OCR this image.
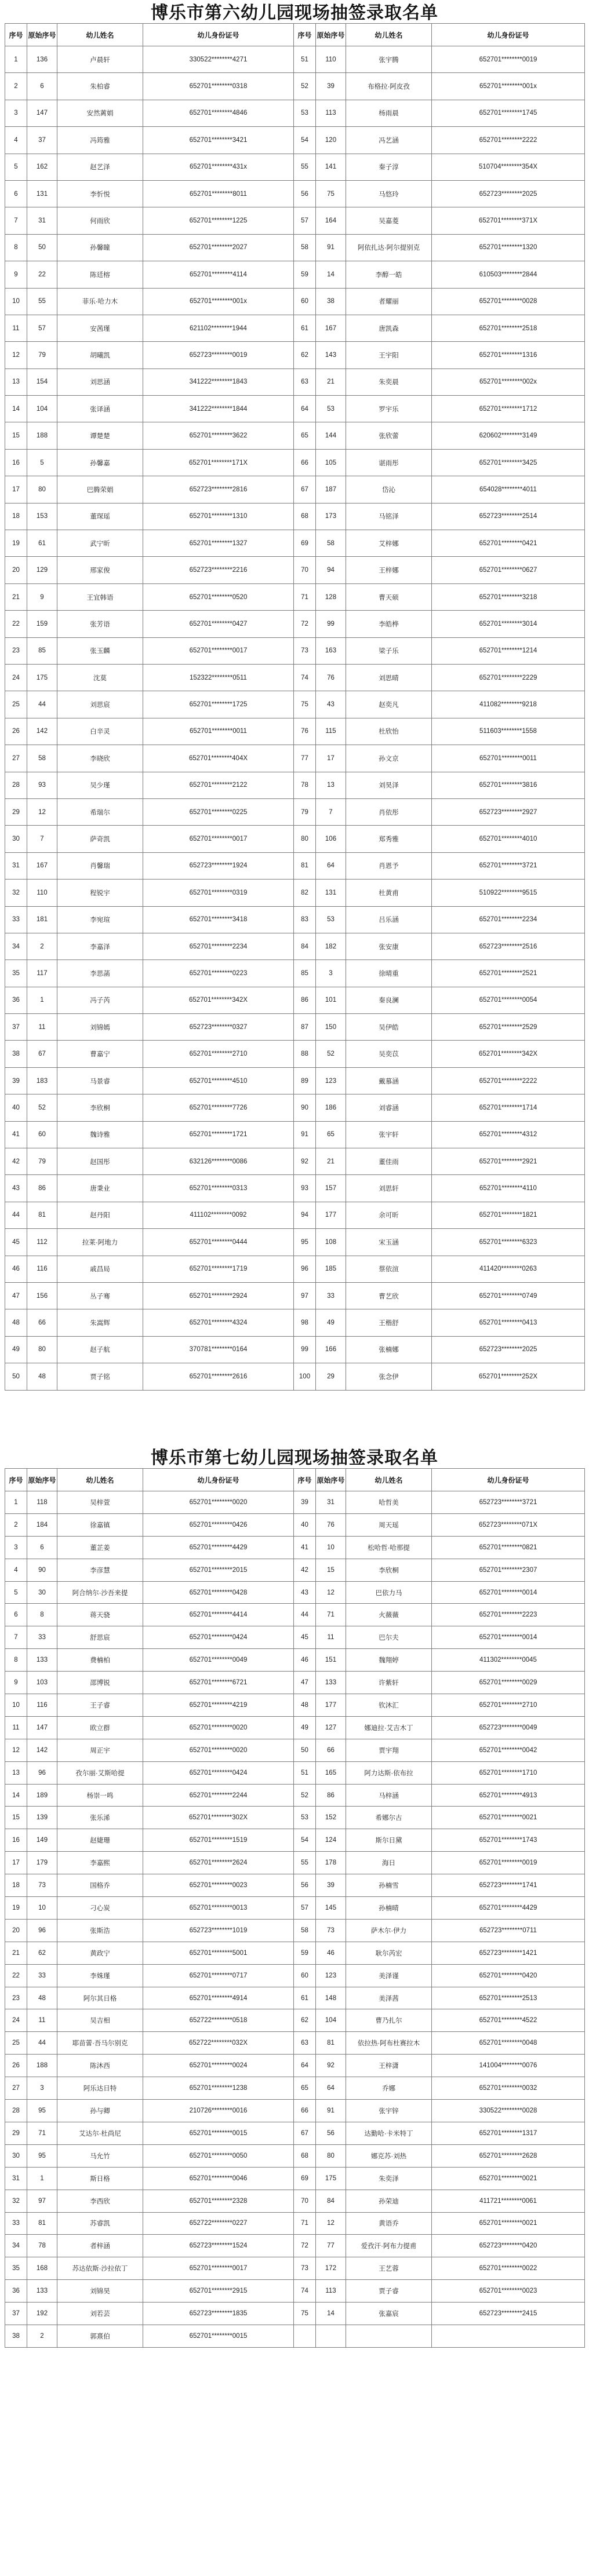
博乐市第六幼儿园现场抽签录取名单
序号	原始序号	幼儿姓名	幼儿身份证号	序号	原始序号	幼儿姓名	幼儿身份证号
1	136	卢晨轩	330522********4271	51	110	张宇腾	652701********0019
2	6	朱柏睿	652701********0318	52	39	布格拉·阿皮孜	652701********001x
3	147	安然蓠娟	652701********4846	53	113	杨雨晨	652701********1745
4	37	冯筠雅	652701********3421	54	120	冯艺涵	652701********2222
5	162	赵艺泽	652701********431x	55	141	秦子淳	510704********354X
6	131	李忻悦	652701********8011	56	75	马悠玲	652723********2025
7	31	何雨欣	652701********1225	57	164	吴嘉菱	652701********371X
8	50	孙馨瞳	652701********2027	58	91	阿依扎达·阿尔提别克	652701********1320
9	22	陈廷榕	652701********4114	59	14	李醇一皓	610503********2844
10	55	菲乐·哈力木	652701********001x	60	38	者耀丽	652701********0028
11	57	安茜瑾	621102********1944	61	167	唐凯森	652701********2518
12	79	胡曦凯	652723********0019	62	143	王宇阳	652701********1316
13	154	刘思涵	341222********1843	63	21	朱奕晨	652701********002x
14	104	张译涵	341222********1844	64	53	罗宇乐	652701********1712
15	188	谭楚楚	652701********3622	65	144	张欣蕾	620602********3149
16	5	孙馨嘉	652701********171X	66	105	谌雨彤	652701********3425
17	80	巴腾荣娟	652723********2816	67	187	岱沁	654028********4011
18	153	董琛瑶	652701********1310	68	173	马铭泽	652723********2514
19	61	武宁昕	652701********1327	69	58	艾梓娜	652701********0421
20	129	邢家俊	652723********2216	70	94	王梓娜	652701********0627
21	9	王宜韩语	652701********0520	71	128	曹天硕	652701********3218
22	159	张芳语	652701********0427	72	99	李皓桦	652701********3014
23	85	张玉麟	652701********0017	73	163	梁子乐	652701********1214
24	175	沈莫	152322********0511	74	76	刘思晴	652701********2229
25	44	刘思宸	652701********1725	75	43	赵奕凡	411082********9218
26	142	白辛灵	652701********0011	76	115	杜欣怡	511603********1558
27	58	李晓欣	652701********404X	77	17	孙文京	652701********0011
28	93	吴少瑾	652701********2122	78	13	刘昊泽	652701********3816
29	12	希瑞尔	652701********0225	79	7	肖依彤	652723********2927
30	7	萨奇凯	652701********0017	80	106	郑秀雅	652701********4010
31	167	肖馨瑞	652723********1924	81	64	肖恩予	652701********3721
32	110	程锐宇	652701********0319	82	131	杜黄甫	510922********9515
33	181	李宛瑄	652701********3418	83	53	吕乐涵	652701********2234
34	2	李嘉泽	652701********2234	84	182	张安康	652723********2516
35	117	李思菡	652701********0223	85	3	徐晴重	652701********2521
36	1	冯子芮	652701********342X	86	101	秦良澜	652701********0054
37	11	刘锦嫣	652723********0327	87	150	吴伊皓	652701********2529
38	67	曹嘉宁	652701********2710	88	52	吴奕苡	652701********342X
39	183	马景睿	652701********4510	89	123	戴慕涵	652701********2222
40	52	李欣桐	652701********7726	90	186	刘睿涵	652701********1714
41	60	魏诗雅	652701********1721	91	65	张宇轩	652701********4312
42	79	赵国彤	632126********0086	92	21	董佳雨	652701********2921
43	86	唐秉业	652701********0313	93	157	刘思轩	652701********4110
44	81	赵丹阳	411102********0092	94	177	余可昕	652701********1821
45	112	拉莱·阿地力	652701********0444	95	108	宋玉涵	652701********6323
46	116	戚昌局	652701********1719	96	185	蔡依渲	411420********0263
47	156	丛子骞	652701********2924	97	33	曹艺欣	652701********0749
48	66	朱嵩辉	652701********4324	98	49	王楷舒	652701********0413
49	80	赵子航	370781********0164	99	166	张楠娜	652723********2025
50	48	贾子铭	652701********2616	100	29	张念伊	652701********252X
博乐市第七幼儿园现场抽签录取名单
序号	原始序号	幼儿姓名	幼儿身份证号	序号	原始序号	幼儿姓名	幼儿身份证号
1	118	吴梓萱	652701********0020	39	31	哈哲美	652723********3721
2	184	徐嘉镇	652701********0426	40	76	周天瑶	652723********071X
3	6	董芷姜	652701********4429	41	10	松哈哲·哈那提	652701********0821
4	90	李彦慧	652701********2015	42	15	李欣桐	652701********2307
5	30	阿合纳尔·沙吾来提	652701********0428	43	12	巴依力马	652701********0014
6	8	蒋天骁	652701********4414	44	71	火薇薇	652701********2223
7	33	舒思宸	652701********0424	45	11	巴尔夫	652701********0014
8	133	费楠柏	652701********0049	46	151	魏翔婷	411302********0045
9	103	邵博锐	652701********6721	47	133	许紫轩	652701********0029
10	116	王子睿	652701********4219	48	177	钦沐汇	652701********2710
11	147	欧立群	652701********0020	49	127	娜迪拉·艾吉木丁	652723********0049
12	142	周正宇	652701********0020	50	66	贾宇翔	652701********0042
13	96	孜尔丽·艾斯哈提	652701********0424	51	165	阿力达斯·依布拉	652701********1710
14	189	杨崇一鸣	652701********2244	52	86	马梓涵	652701********4913
15	139	张乐浠	652701********302X	53	152	希娜尔古	652701********0021
16	149	赵婕珊	652701********1519	54	124	斯尔日黛	652701********1743
17	179	李嘉熙	652701********2624	55	178	海日	652701********0019
18	73	国格乔	652701********0023	56	39	孙楠雪	652723********1741
19	10	刁心炭	652701********0013	57	145	孙楠晴	652701********4429
20	96	张斯浩	652723********1019	58	73	萨木尔·伊力	652723********0711
21	62	黄政宁	652701********5001	59	46	耿尔芮宏	652723********1421
22	33	李姝瑾	652701********0717	60	123	美泽谨	652701********0420
23	48	阿尔其日格	652701********4914	61	148	美泽茜	652701********2513
24	11	吴吉相	652722********0518	62	104	曹乃扎尔	652701********4522
25	44	耶苗蕾·吾马尔别克	652722********032X	63	81	依拉热·阿布杜赛拉木	652701********0048
26	188	陈沐西	652701********0024	64	92	王梓潇	141004********0076
27	3	阿乐达日特	652701********1238	65	64	乔娜	652701********0032
28	95	孙与卿	210726********0016	66	91	张宇锌	330522********0028
29	71	艾达尔·杜尚尼	652701********0015	67	56	达勤哈·卡米特丁	652701********1317
30	95	马允竹	652701********0050	68	80	娜克苏·刘热	652701********2628
31	1	斯日格	652701********0046	69	175	朱奕泽	652701********0021
32	97	李西欣	652701********2328	70	84	孙荣迪	411721********0061
33	81	苏睿凯	652722********0227	71	12	黄语乔	652701********0021
34	78	者梓涵	652723********1524	72	77	爱孜汗·阿布力提甫	652723********0420
35	168	苏达依斯·沙拉依丁	652701********0017	73	172	王艺蓉	652701********0022
36	133	刘锦昊	652701********2915	74	113	贾子睿	652701********0023
37	192	刘若芸	652723********1835	75	14	张嘉宸	652723********2415
38	2	郭熹伯	652701********0015				
